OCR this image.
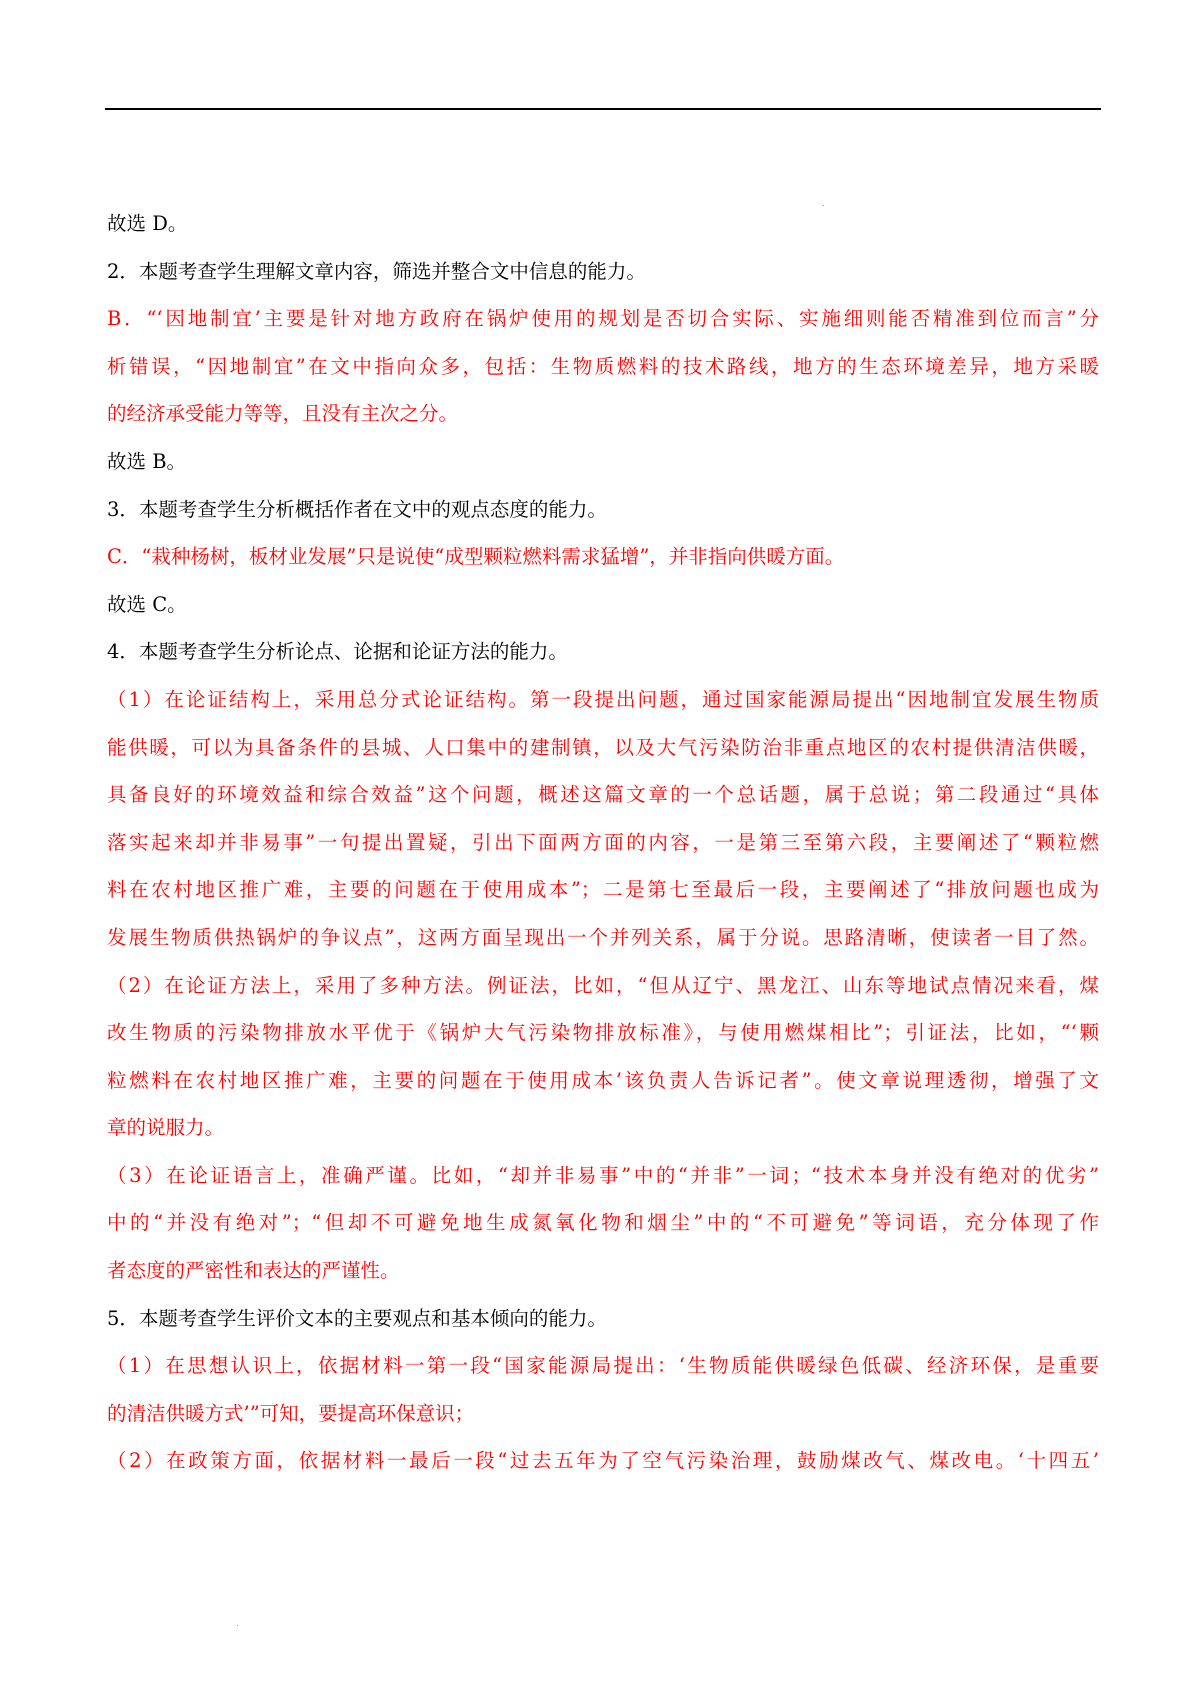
故选 D。
2．本题考查学生理解文章内容，筛选并整合文中信息的能力。
B．“‘因地制宜’主要是针对地方政府在锅炉使用的规划是否切合实际、实施细则能否精准到位而言”分
析错误，“因地制宜”在文中指向众多，包括：生物质燃料的技术路线，地方的生态环境差异，地方采暖
的经济承受能力等等，且没有主次之分。
故选 B。
3．本题考查学生分析概括作者在文中的观点态度的能力。
C．“栽种杨树，板材业发展”只是说使“成型颗粒燃料需求猛增”，并非指向供暖方面。
故选 C。
4．本题考查学生分析论点、论据和论证方法的能力。
（1）在论证结构上，采用总分式论证结构。第一段提出问题，通过国家能源局提出“因地制宜发展生物质
能供暖，可以为具备条件的县城、人口集中的建制镇，以及大气污染防治非重点地区的农村提供清洁供暖，
具备良好的环境效益和综合效益”这个问题，概述这篇文章的一个总话题，属于总说；第二段通过“具体
落实起来却并非易事”一句提出置疑，引出下面两方面的内容，一是第三至第六段，主要阐述了“颗粒燃
料在农村地区推广难，主要的问题在于使用成本”；二是第七至最后一段，主要阐述了“排放问题也成为
发展生物质供热锅炉的争议点”，这两方面呈现出一个并列关系，属于分说。思路清晰，使读者一目了然。
（2）在论证方法上，采用了多种方法。例证法，比如，“但从辽宁、黑龙江、山东等地试点情况来看，煤
改生物质的污染物排放水平优于《锅炉大气污染物排放标准》，与使用燃煤相比”；引证法，比如，“‘颗
粒燃料在农村地区推广难，主要的问题在于使用成本’该负责人告诉记者”。使文章说理透彻，增强了文
章的说服力。
（3）在论证语言上，准确严谨。比如，“却并非易事”中的“并非”一词；“技术本身并没有绝对的优劣”
中的“并没有绝对”；“但却不可避免地生成氮氧化物和烟尘”中的“不可避免”等词语，充分体现了作
者态度的严密性和表达的严谨性。
5．本题考查学生评价文本的主要观点和基本倾向的能力。
（1）在思想认识上，依据材料一第一段“国家能源局提出：‘生物质能供暖绿色低碳、经济环保，是重要
的清洁供暖方式’”可知，要提高环保意识；
（2）在政策方面，依据材料一最后一段“过去五年为了空气污染治理，鼓励煤改气、煤改电。‘十四五’
